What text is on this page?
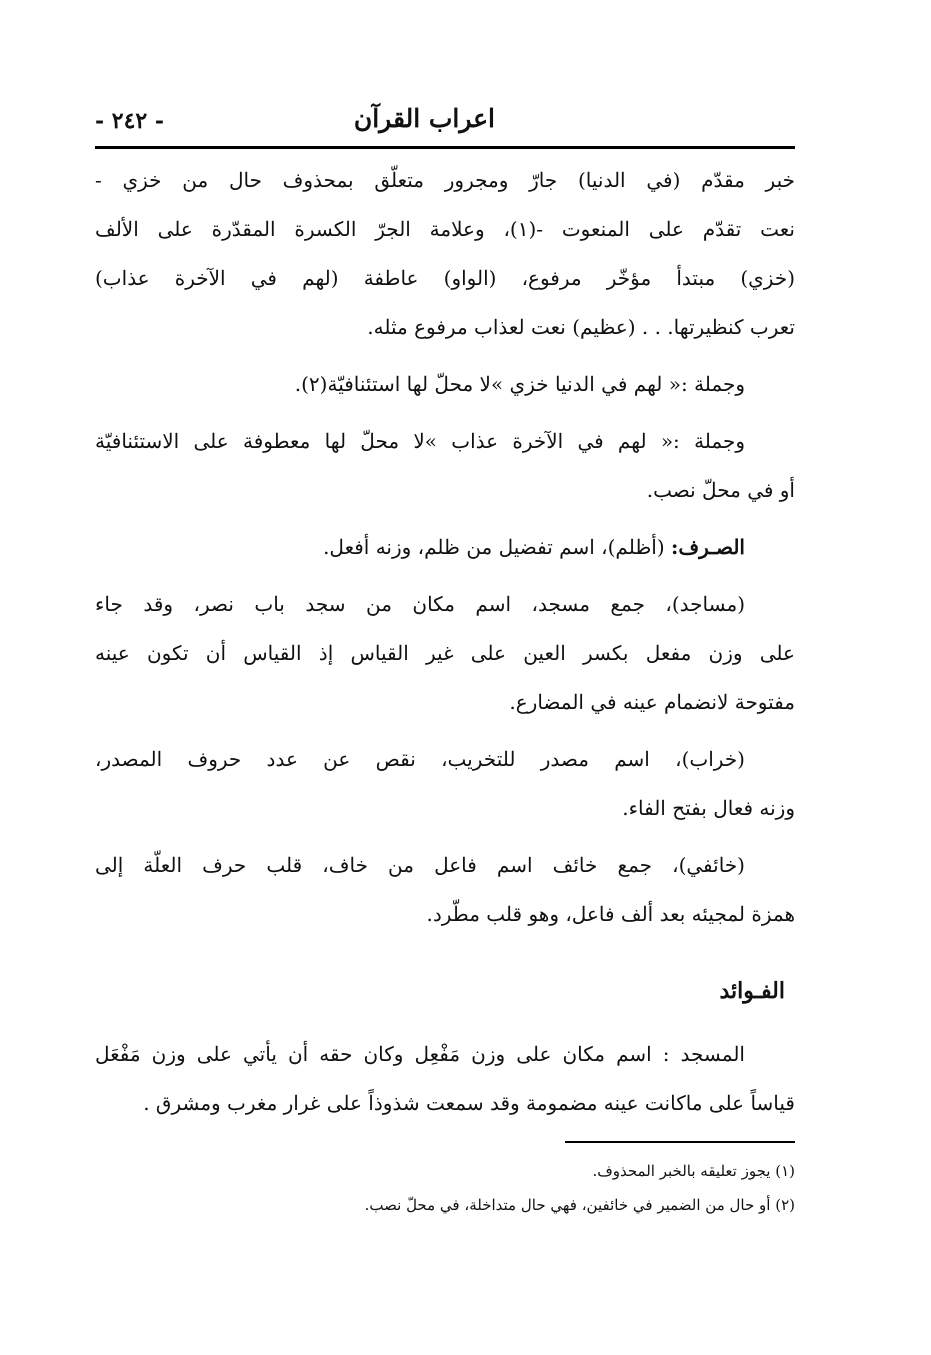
اعراب القرآن
- ٢٤٢ -
خبر مقدّم (في الدنيا) جارّ ومجرور متعلّق بمحذوف حال من خزي -
نعت تقدّم على المنعوت -(١)، وعلامة الجرّ الكسرة المقدّرة على الألف
(خزي) مبتدأ مؤخّر مرفوع، (الواو) عاطفة (لهم في الآخرة عذاب)
تعرب كنظيرتها. . . (عظيم) نعت لعذاب مرفوع مثله.
وجملة :« لهم في الدنيا خزي »لا محلّ لها استئنافيّة(٢).
وجملة :« لهم في الآخرة عذاب »لا محلّ لها معطوفة على الاستئنافيّة
أو في محلّ نصب.
الصـرف: (أظلم)، اسم تفضيل من ظلم، وزنه أفعل.
(مساجد)، جمع مسجد، اسم مكان من سجد باب نصر، وقد جاء
على وزن مفعل بكسر العين على غير القياس إذ القياس أن تكون عينه
مفتوحة لانضمام عينه في المضارع.
(خراب)، اسم مصدر للتخريب، نقص عن عدد حروف المصدر،
وزنه فعال بفتح الفاء.
(خائفي)، جمع خائف اسم فاعل من خاف، قلب حرف العلّة إلى
همزة لمجيئه بعد ألف فاعل، وهو قلب مطّرد.
الفـوائد
المسجد : اسم مكان على وزن مَفْعِل وكان حقه أن يأتي على وزن مَفْعَل
قياساً على ماكانت عينه مضمومة وقد سمعت شذوذاً على غرار مغرب ومشرق .
(١) يجوز تعليقه بالخبر المحذوف.
(٢) أو حال من الضمير في خائفين، فهي حال متداخلة، في محلّ نصب.
